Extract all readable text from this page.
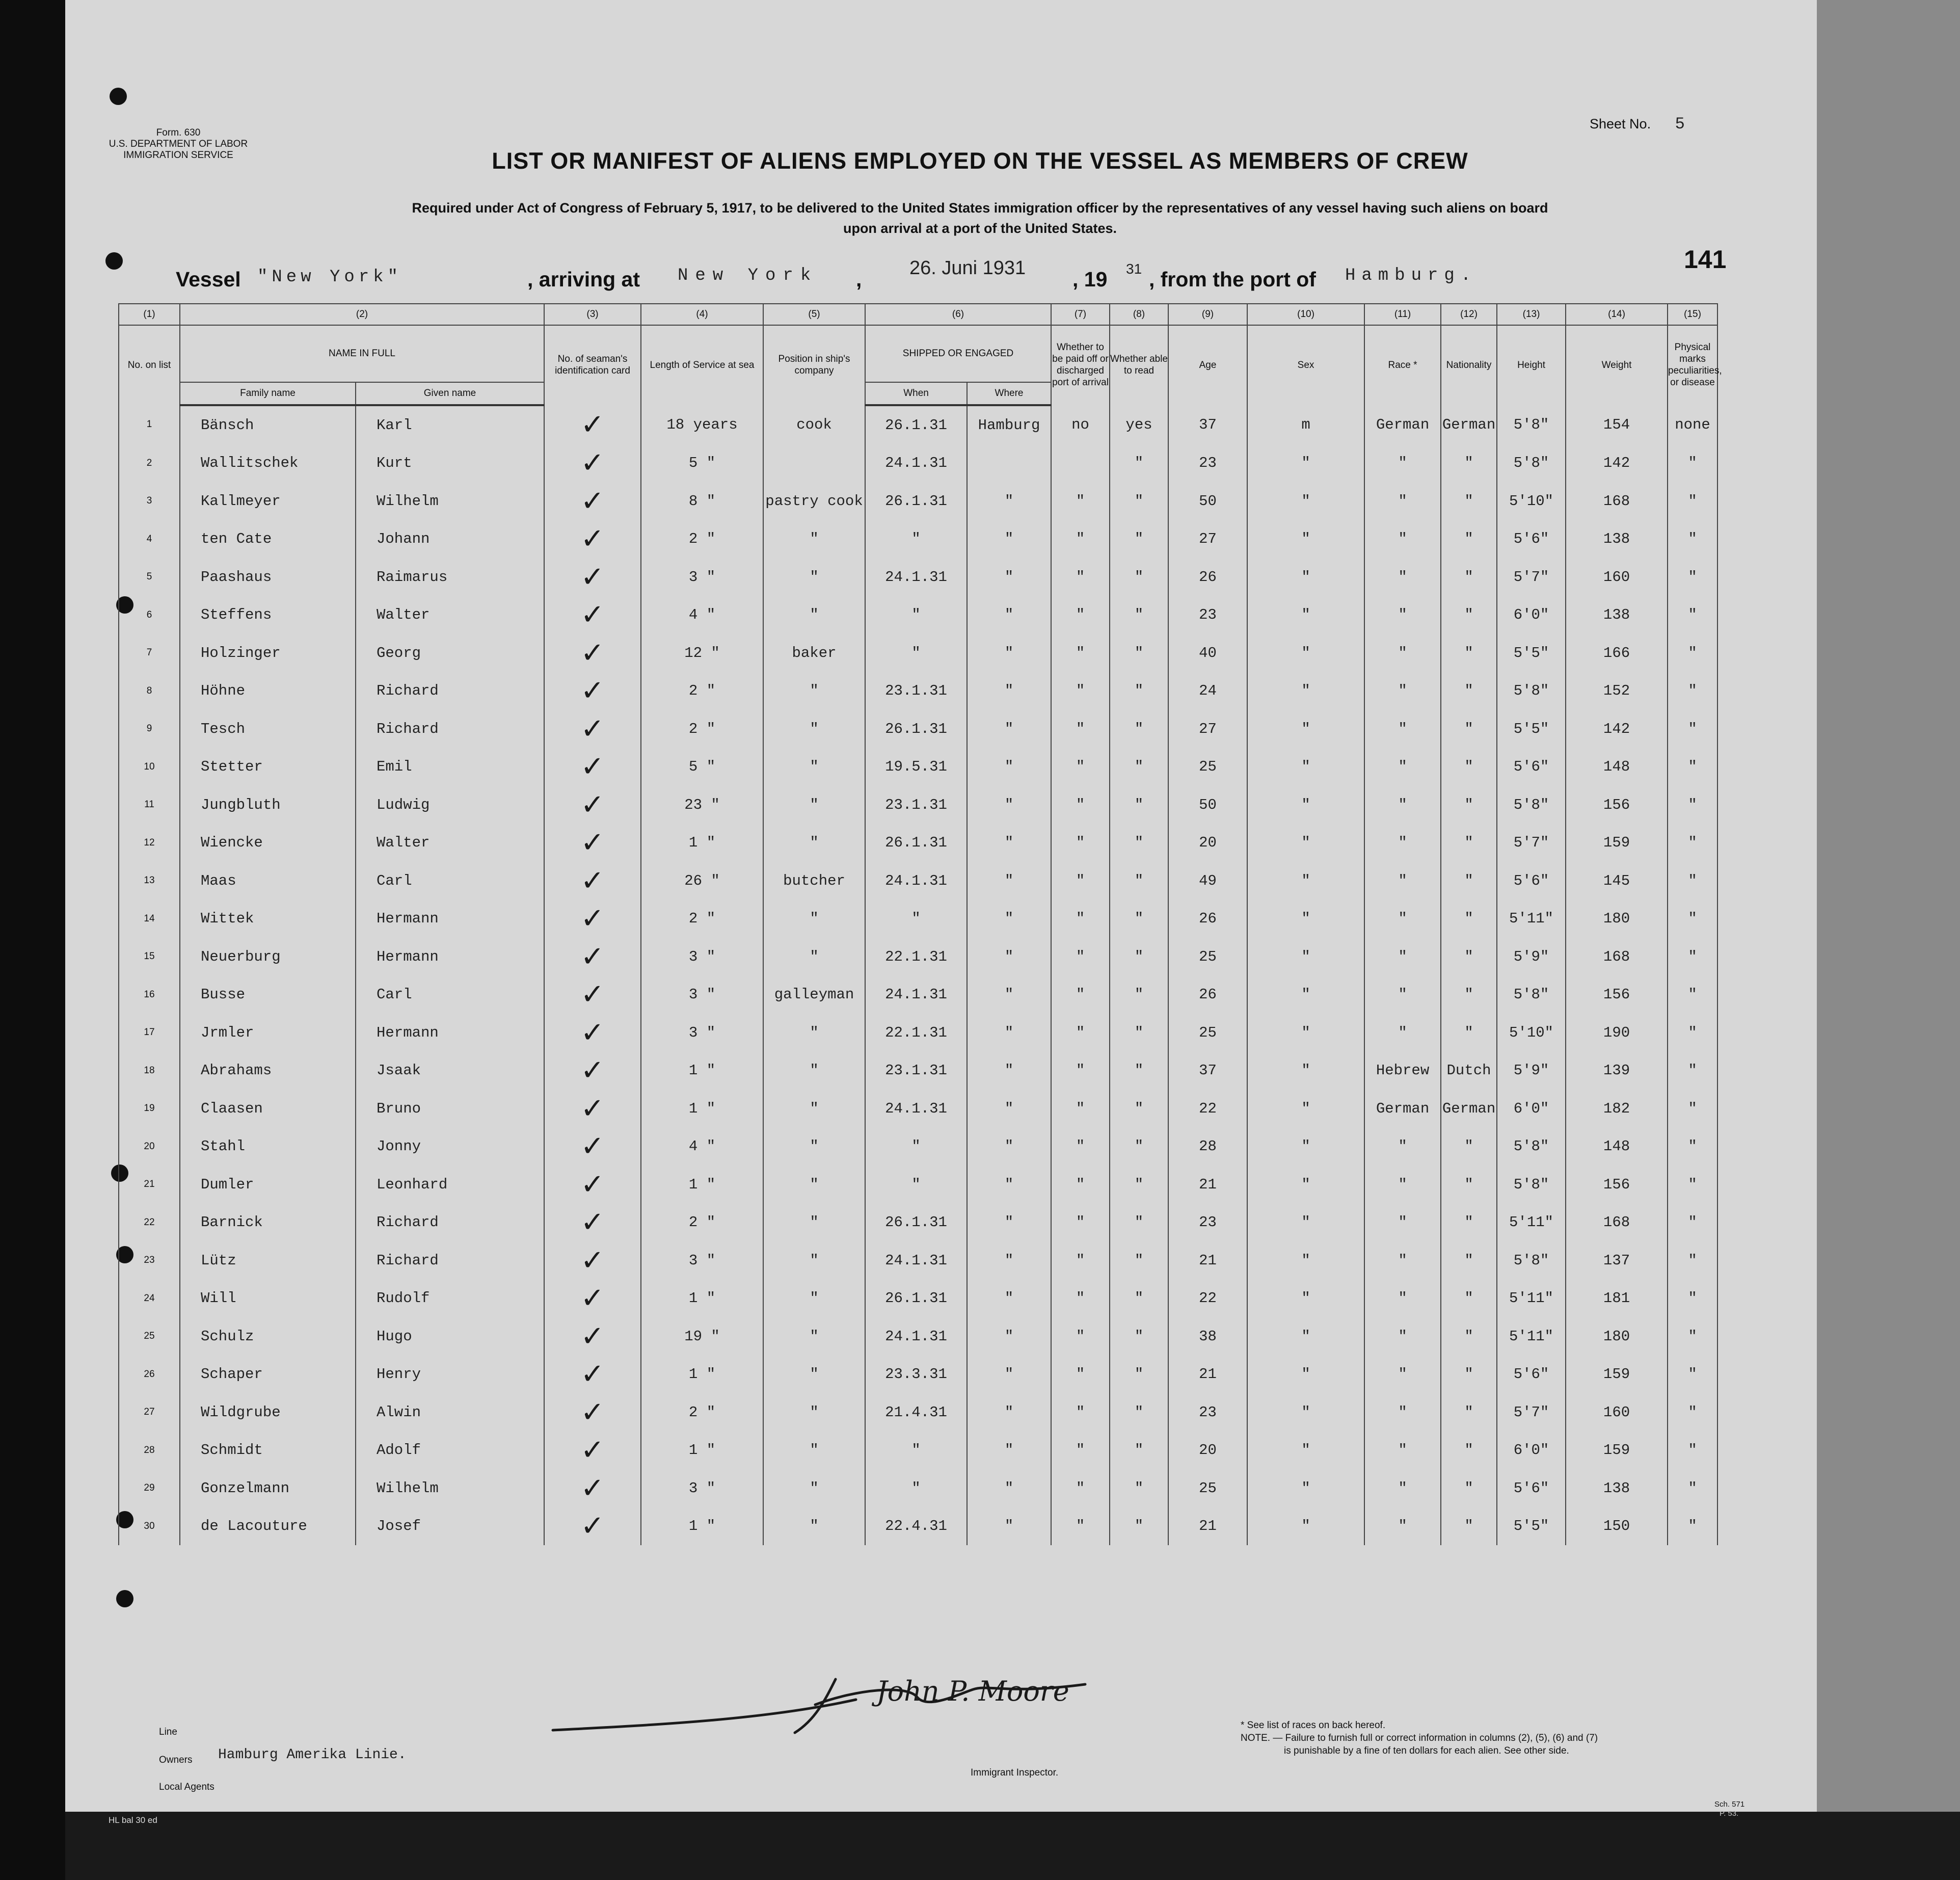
Form. 630
U.S. DEPARTMENT OF LABOR
IMMIGRATION SERVICE
Sheet No. 5
LIST OR MANIFEST OF ALIENS EMPLOYED ON THE VESSEL AS MEMBERS OF CREW
Required under Act of Congress of February 5, 1917, to be delivered to the United States immigration officer by the representatives of any vessel having such aliens on board
upon arrival at a port of the United States.
Vessel "New York"	, arriving at New York , 26. Juni 1931 , 19 31 , from the port of Hamburg.
141
(1)	(2)		(3)	(4)	(5)	(6)		(7)	(8)	(9)	(10)	(11)	(12)	(13)	(14)	(15)
No. on list	NAME IN FULL		No. of seaman's identification card	Length of Service at sea	Position in ship's company	SHIPPED OR ENGAGED		Whether to be paid off or discharged port of arrival	Whether able to read	Age	Sex	Race *	Nationality	Height	Weight	Physical marks peculiarities, or disease
	Family name	Given name				When	Where									
1	Bänsch	Karl	✓	18 years	cook	26.1.31	Hamburg	no	yes	37	m	German	German	5'8"	154	none
2	Wallitschek	Kurt	✓	5 "		24.1.31			"	23	"	"	"	5'8"	142	"
3	Kallmeyer	Wilhelm	✓	8 "	pastry cook	26.1.31	"	"	"	50	"	"	"	5'10"	168	"
4	ten Cate	Johann	✓	2 "	"	"	"	"	"	27	"	"	"	5'6"	138	"
5	Paashaus	Raimarus	✓	3 "	"	24.1.31	"	"	"	26	"	"	"	5'7"	160	"
6	Steffens	Walter	✓	4 "	"	"	"	"	"	23	"	"	"	6'0"	138	"
7	Holzinger	Georg	✓	12 "	baker	"	"	"	"	40	"	"	"	5'5"	166	"
8	Höhne	Richard	✓	2 "	"	23.1.31	"	"	"	24	"	"	"	5'8"	152	"
9	Tesch	Richard	✓	2 "	"	26.1.31	"	"	"	27	"	"	"	5'5"	142	"
10	Stetter	Emil	✓	5 "	"	19.5.31	"	"	"	25	"	"	"	5'6"	148	"
11	Jungbluth	Ludwig	✓	23 "	"	23.1.31	"	"	"	50	"	"	"	5'8"	156	"
12	Wiencke	Walter	✓	1 "	"	26.1.31	"	"	"	20	"	"	"	5'7"	159	"
13	Maas	Carl	✓	26 "	butcher	24.1.31	"	"	"	49	"	"	"	5'6"	145	"
14	Wittek	Hermann	✓	2 "	"	"	"	"	"	26	"	"	"	5'11"	180	"
15	Neuerburg	Hermann	✓	3 "	"	22.1.31	"	"	"	25	"	"	"	5'9"	168	"
16	Busse	Carl	✓	3 "	galleyman	24.1.31	"	"	"	26	"	"	"	5'8"	156	"
17	Jrmler	Hermann	✓	3 "	"	22.1.31	"	"	"	25	"	"	"	5'10"	190	"
18	Abrahams	Jsaak	✓	1 "	"	23.1.31	"	"	"	37	"	Hebrew	Dutch	5'9"	139	"
19	Claasen	Bruno	✓	1 "	"	24.1.31	"	"	"	22	"	German	German	6'0"	182	"
20	Stahl	Jonny	✓	4 "	"	"	"	"	"	28	"	"	"	5'8"	148	"
21	Dumler	Leonhard	✓	1 "	"	"	"	"	"	21	"	"	"	5'8"	156	"
22	Barnick	Richard	✓	2 "	"	26.1.31	"	"	"	23	"	"	"	5'11"	168	"
23	Lütz	Richard	✓	3 "	"	24.1.31	"	"	"	21	"	"	"	5'8"	137	"
24	Will	Rudolf	✓	1 "	"	26.1.31	"	"	"	22	"	"	"	5'11"	181	"
25	Schulz	Hugo	✓	19 "	"	24.1.31	"	"	"	38	"	"	"	5'11"	180	"
26	Schaper	Henry	✓	1 "	"	23.3.31	"	"	"	21	"	"	"	5'6"	159	"
27	Wildgrube	Alwin	✓	2 "	"	21.4.31	"	"	"	23	"	"	"	5'7"	160	"
28	Schmidt	Adolf	✓	1 "	"	"	"	"	"	20	"	"	"	6'0"	159	"
29	Gonzelmann	Wilhelm	✓	3 "	"	"	"	"	"	25	"	"	"	5'6"	138	"
30	de Lacouture	Josef	✓	1 "	"	22.4.31	"	"	"	21	"	"	"	5'5"	150	"
Line
Owners Hamburg Amerika Linie.
Local Agents
Immigrant Inspector.
John P. Moore
* See list of races on back hereof.
NOTE. — Failure to furnish full or correct information in columns (2), (5), (6) and (7)
is punishable by a fine of ten dollars for each alien. See other side.
HL bal 30 ed
Sch. 571
P. 53.
